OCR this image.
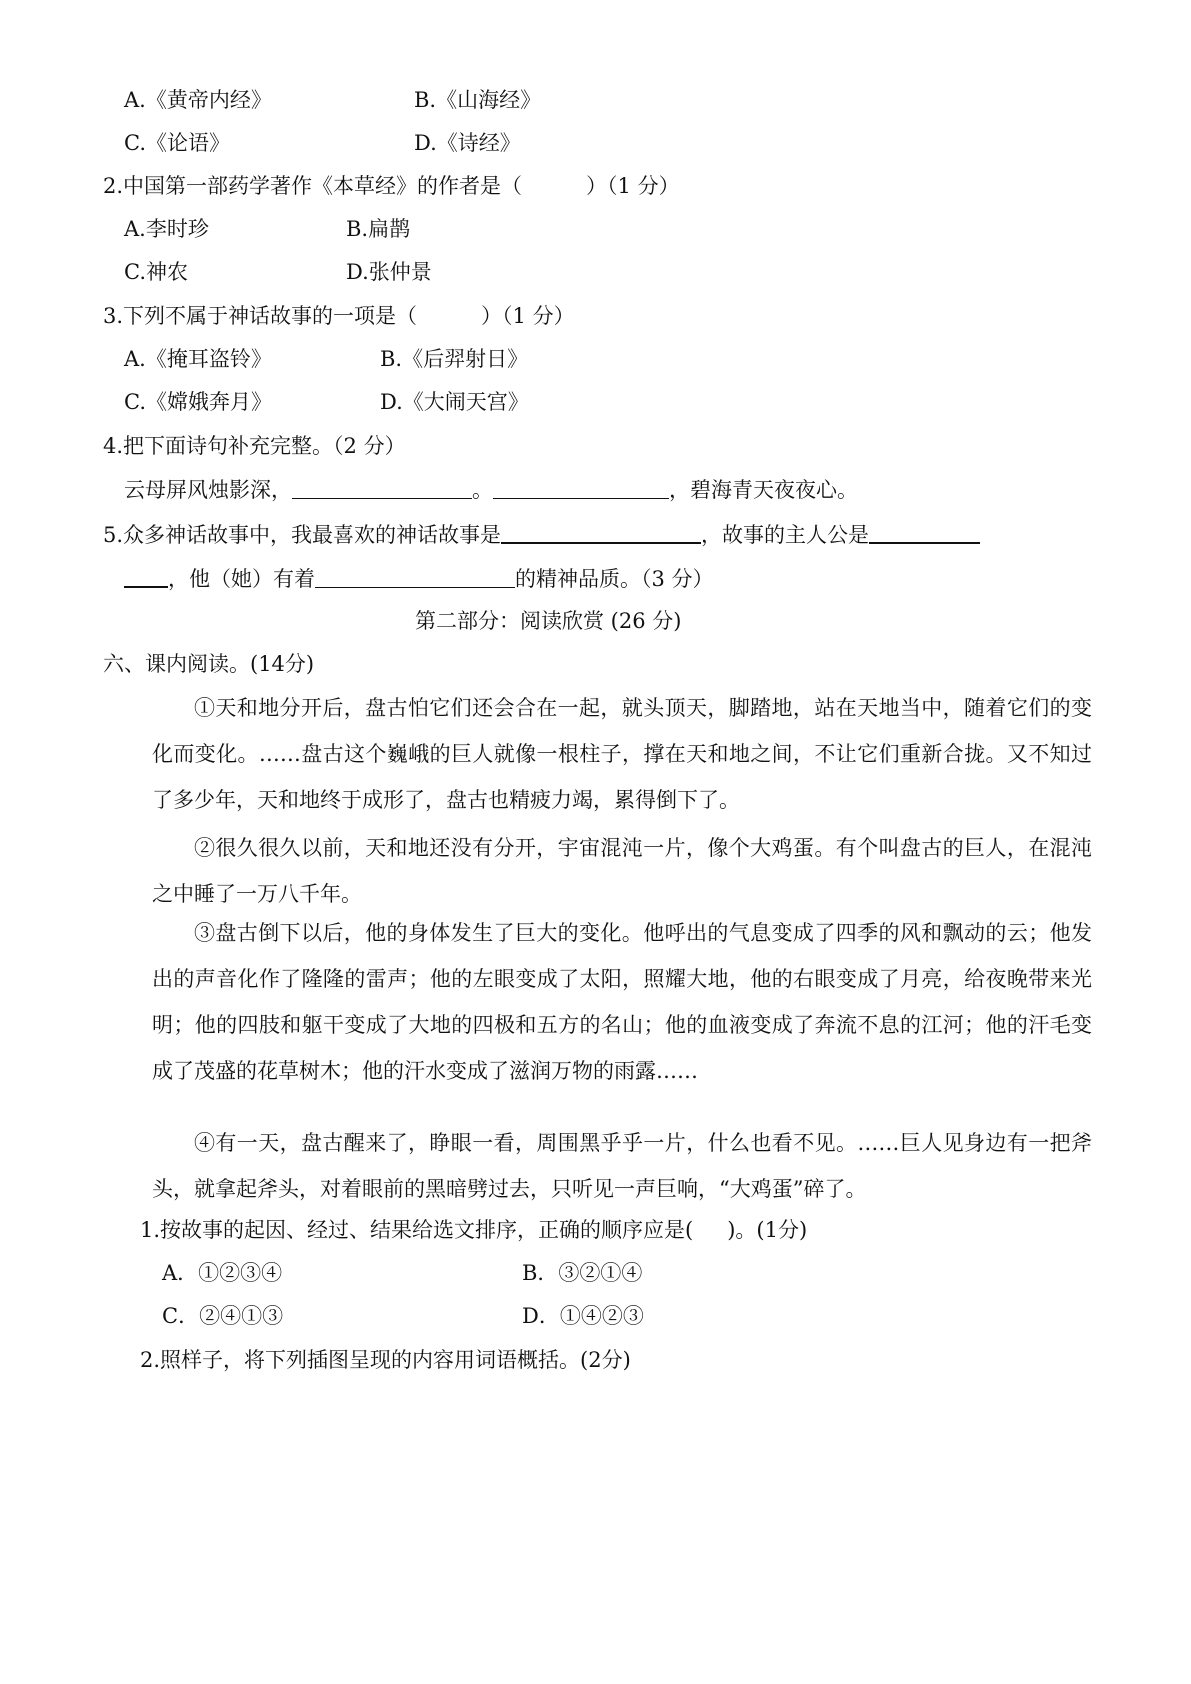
A.《黄帝内经》	B.《山海经》
C.《论语》	D.《诗经》
2.中国第一部药学著作《本草经》的作者是（	）（1 分）
A.李时珍	B.扁鹊
C.神农	D.张仲景
3.下列不属于神话故事的一项是（	）（1 分）
A.《掩耳盗铃》	B.《后羿射日》
C.《嫦娥奔月》	D.《大闹天宫》
4.把下面诗句补充完整。（2 分）
云母屏风烛影深，	。	，碧海青天夜夜心。
5.众多神话故事中，我最喜欢的神话故事是	，故事的主人公是
，他（她）有着	的精神品质。（3 分）
第二部分：阅读欣赏 (26 分)
六、课内阅读。(14分)
①天和地分开后，盘古怕它们还会合在一起，就头顶天，脚踏地，站在天地当中，随着它们的变化而变化。……盘古这个巍峨的巨人就像一根柱子，撑在天和地之间，不让它们重新合拢。又不知过了多少年，天和地终于成形了，盘古也精疲力竭，累得倒下了。
②很久很久以前，天和地还没有分开，宇宙混沌一片，像个大鸡蛋。有个叫盘古的巨人，在混沌之中睡了一万八千年。
③盘古倒下以后，他的身体发生了巨大的变化。他呼出的气息变成了四季的风和飘动的云；他发出的声音化作了隆隆的雷声；他的左眼变成了太阳，照耀大地，他的右眼变成了月亮，给夜晚带来光明；他的四肢和躯干变成了大地的四极和五方的名山；他的血液变成了奔流不息的江河；他的汗毛变成了茂盛的花草树木；他的汗水变成了滋润万物的雨露……
④有一天，盘古醒来了，睁眼一看，周围黑乎乎一片，什么也看不见。……巨人见身边有一把斧头，就拿起斧头，对着眼前的黑暗劈过去，只听见一声巨响，“大鸡蛋”碎了。
1.按故事的起因、经过、结果给选文排序，正确的顺序应是( )。(1分)
A．①②③④	B．③②①④
C．②④①③	D．①④②③
2.照样子，将下列插图呈现的内容用词语概括。(2分)
